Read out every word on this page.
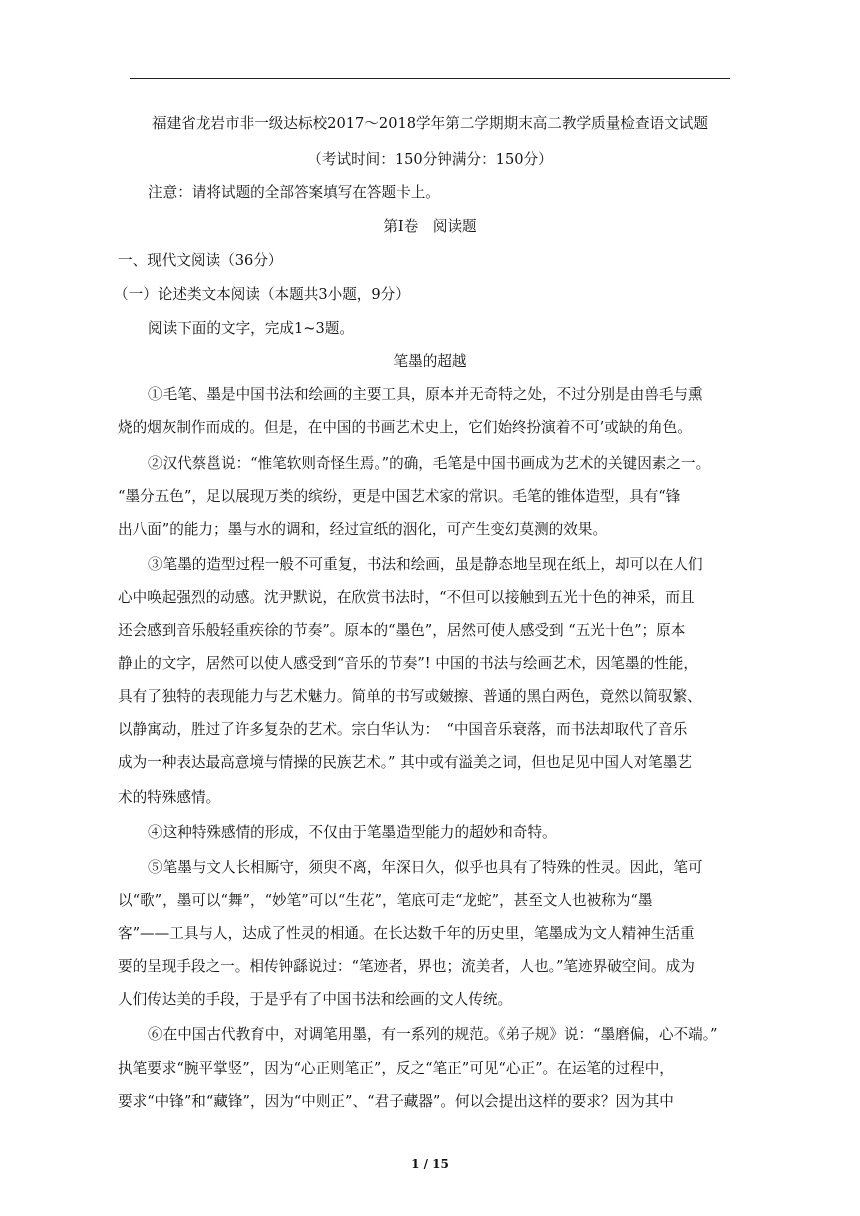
福建省龙岩市非一级达标校2017～2018学年第二学期期末高二教学质量检查语文试题
（考试时间：150分钟满分：150分）
注意：请将试题的全部答案填写在答题卡上。
第Ⅰ卷　阅读题
一、现代文阅读（36分）
（一）论述类文本阅读（本题共3小题，9分）
阅读下面的文字，完成1~3题。
笔墨的超越
①毛笔、墨是中国书法和绘画的主要工具，原本并无奇特之处，不过分别是由兽毛与熏
烧的烟灰制作而成的。但是，在中国的书画艺术史上，它们始终扮演着不可’或缺的角色。
②汉代蔡邕说：“惟笔软则奇怪生焉。”的确，毛笔是中国书画成为艺术的关键因素之一。
“墨分五色”，足以展现万类的缤纷，更是中国艺术家的常识。毛笔的锥体造型，具有“锋
出八面”的能力；墨与水的调和，经过宣纸的洇化，可产生变幻莫测的效果。
③笔墨的造型过程一般不可重复，书法和绘画，虽是静态地呈现在纸上，却可以在人们
心中唤起强烈的动感。沈尹默说，在欣赏书法时，“不但可以接触到五光十色的神采，而且
还会感到音乐般轻重疾徐的节奏”。原本的“墨色”，居然可使人感受到 “五光十色”；原本
静止的文字，居然可以使人感受到“音乐的节奏”! 中国的书法与绘画艺术，因笔墨的性能，
具有了独特的表现能力与艺术魅力。简单的书写或皴擦、普通的黑白两色，竟然以简驭繁、
以静寓动，胜过了许多复杂的艺术。宗白华认为：　“中国音乐衰落，而书法却取代了音乐
成为一种表达最高意境与情操的民族艺术。” 其中或有溢美之词，但也足见中国人对笔墨艺
术的特殊感情。
④这种特殊感情的形成，不仅由于笔墨造型能力的超妙和奇特。
⑤笔墨与文人长相厮守，须臾不离，年深日久，似乎也具有了特殊的性灵。因此，笔可
以“歌”，墨可以“舞”，“妙笔”可以“生花”，笔底可走“龙蛇”，甚至文人也被称为“墨
客”——工具与人，达成了性灵的相通。在长达数千年的历史里，笔墨成为文人精神生活重
要的呈现手段之一。相传钟繇说过：“笔迹者，界也；流美者，人也。”笔迹界破空间。成为
人们传达美的手段，于是乎有了中国书法和绘画的文人传统。
⑥在中国古代教育中，对调笔用墨，有一系列的规范。《弟子规》说：“墨磨偏，心不端。”
执笔要求“腕平掌竖”，因为“心正则笔正”，反之“笔正”可见“心正”。在运笔的过程中，
要求“中锋”和“藏锋”，因为“中则正”、“君子藏器”。何以会提出这样的要求？因为其中
1 / 15
